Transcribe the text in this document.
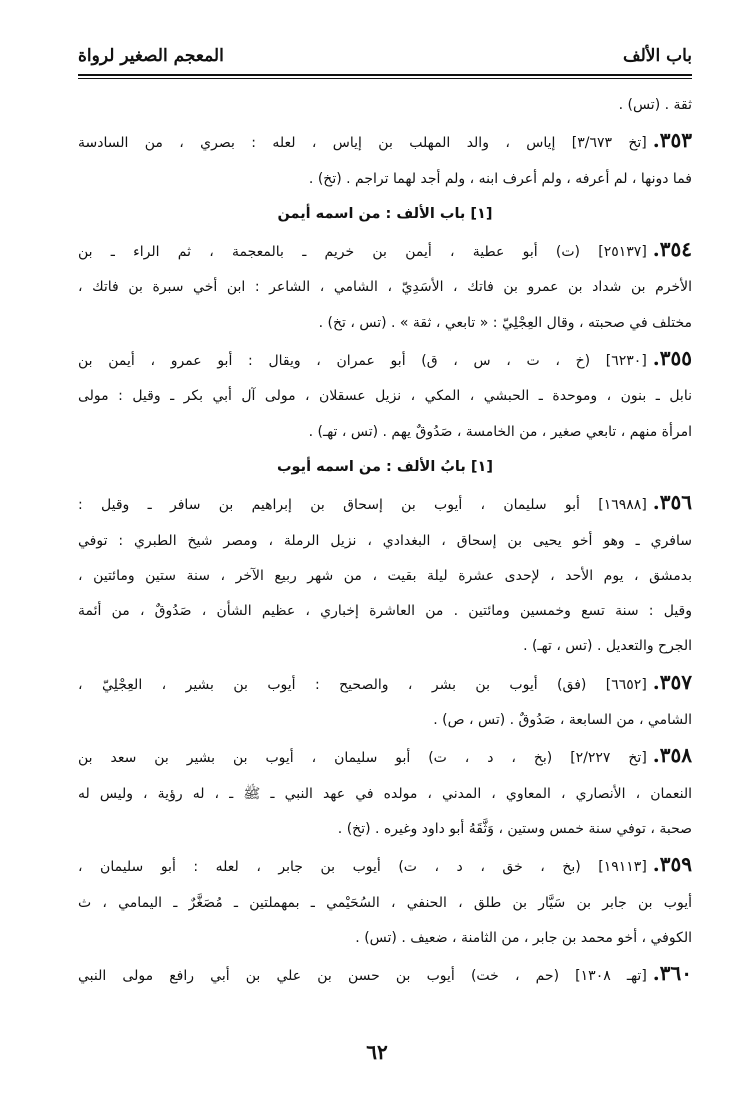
باب الألف
المعجم الصغير لرواة
ثقة . (تس) .
٣٥٣.[تخ ٣/٦٧٣] إياس ، والد المهلب بن إياس ، لعله : بصري ، من السادسة
فما دونها ، لم أعرفه ، ولم أعرف ابنه ، ولم أجد لهما تراجم . (تخ) .
[١] باب الألف : من اسمه أيمن
٣٥٤.[٢٥١٣٧] (ت) أبو عطية ، أيمن بن خريم ـ بالمعجمة ، ثم الراء ـ بن
الأخرم بن شداد بن عمرو بن فاتك ، الأسَدِيّ ، الشامي ، الشاعر : ابن أخي سبرة بن فاتك ،
مختلف في صحبته ، وقال العِجْلِيّ : « تابعي ، ثقة » . (تس ، تخ) .
٣٥٥.[٦٢٣٠] (خ ، ت ، س ، ق) أبو عمران ، ويقال : أبو عمرو ، أيمن بن
نابل ـ بنون ، وموحدة ـ الحبشي ، المكي ، نزيل عسقلان ، مولى آل أبي بكر ـ وقيل : مولى
امرأة منهم ، تابعي صغير ، من الخامسة ، صَدُوقٌ يهم . (تس ، تهـ) .
[١] بابُ الألف : من اسمه أيوب
٣٥٦.[١٦٩٨٨] أبو سليمان ، أيوب بن إسحاق بن إبراهيم بن سافر ـ وقيل :
سافري ـ وهو أخو يحيى بن إسحاق ، البغدادي ، نزيل الرملة ، ومصر شيخ الطبري : توفي
بدمشق ، يوم الأحد ، لإحدى عشرة ليلة بقيت ، من شهر ربيع الآخر ، سنة ستين ومائتين ،
وقيل : سنة تسع وخمسين ومائتين . من العاشرة إخباري ، عظيم الشأن ، صَدُوقٌ ، من أئمة
الجرح والتعديل . (تس ، تهـ) .
٣٥٧.[٦٦٥٢] (فق) أيوب بن بشر ، والصحيح : أيوب بن بشير ، العِجْلِيّ ،
الشامي ، من السابعة ، صَدُوقٌ . (تس ، ص) .
٣٥٨.[تخ ٢/٢٢٧] (بخ ، د ، ت) أبو سليمان ، أيوب بن بشير بن سعد بن
النعمان ، الأنصاري ، المعاوي ، المدني ، مولده في عهد النبي ـ ﷺ ـ ، له رؤية ، وليس له
صحبة ، توفي سنة خمس وستين ، وَثَّقَهُ أبو داود وغيره . (تخ) .
٣٥٩.[١٩١١٣] (بخ ، خق ، د ، ت) أيوب بن جابر ، لعله : أبو سليمان ،
أيوب بن جابر بن سَيَّار بن طلق ، الحنفي ، السُحَيْمي ـ بمهملتين ـ مُصَغَّرٌ ـ اليمامي ، ث
الكوفي ، أخو محمد بن جابر ، من الثامنة ، ضعيف . (تس) .
٣٦٠.[تهـ ١٣٠٨] (حم ، خت) أيوب بن حسن بن علي بن أبي رافع مولى النبي
٦٢
